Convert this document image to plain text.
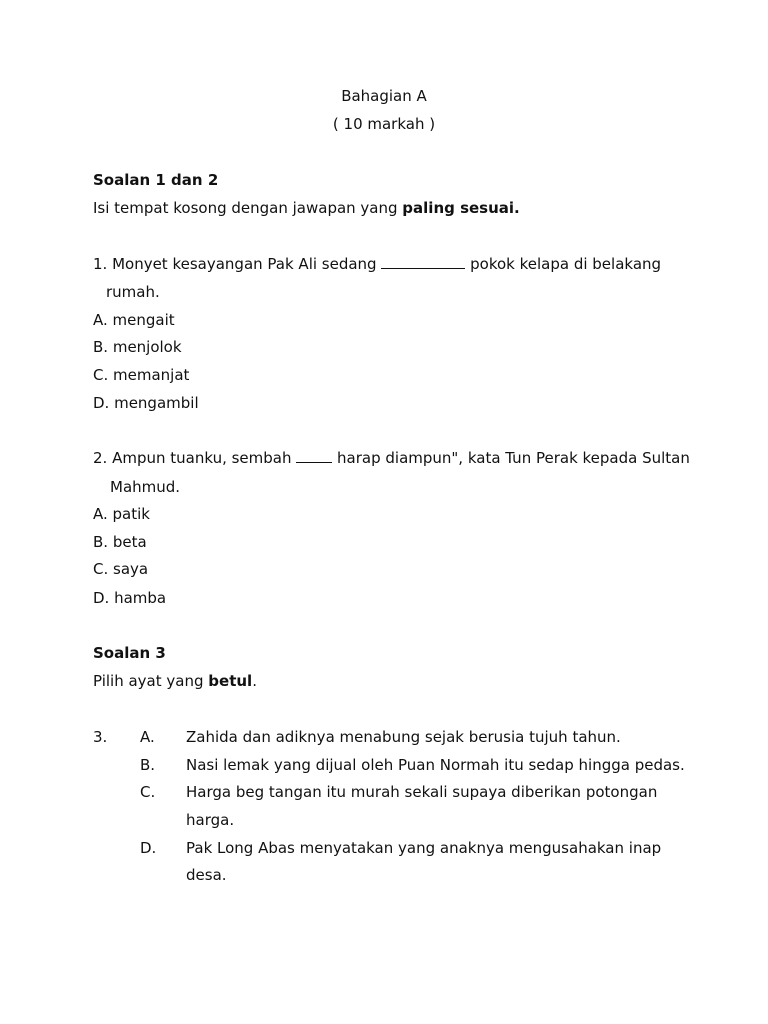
Bahagian A
( 10 markah )
Soalan 1 dan 2
Isi tempat kosong dengan jawapan yang paling sesuai.
1. Monyet kesayangan Pak Ali sedang	pokok kelapa di belakang
rumah.
A. mengait
B. menjolok
C. memanjat
D. mengambil
2. Ampun tuanku, sembah  harap diampun", kata Tun Perak kepada Sultan
Mahmud.
A. patik
B. beta
C. saya
D. hamba
Soalan 3
Pilih ayat yang betul.
3. A. Zahida dan adiknya menabung sejak berusia tujuh tahun.
B. Nasi lemak yang dijual oleh Puan Normah itu sedap hingga pedas.
C. Harga beg tangan itu murah sekali supaya diberikan potongan
harga.
D. Pak Long Abas menyatakan yang anaknya mengusahakan inap
desa.
